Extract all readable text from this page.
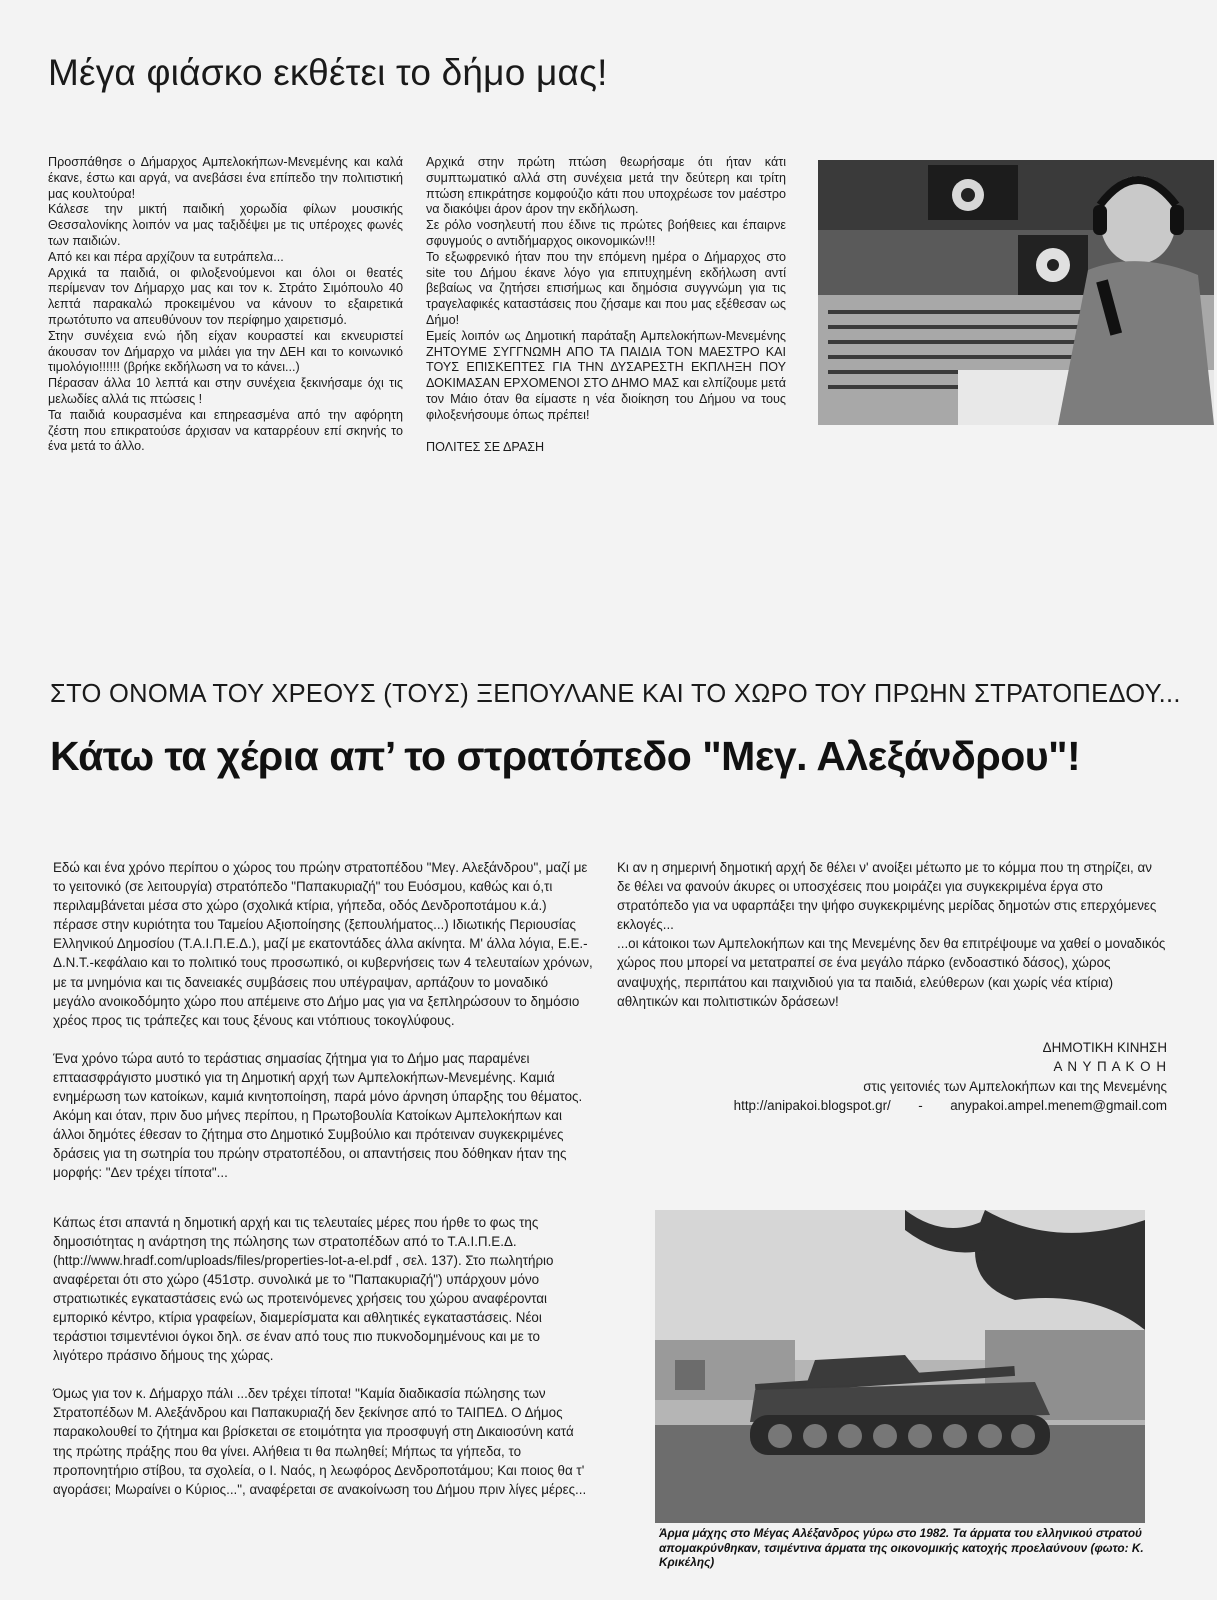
Μέγα φιάσκο εκθέτει το δήμο μας!

Προσπάθησε ο Δήμαρχος Αμπελοκήπων-Μενεμένης και καλά έκανε, έστω και αργά, να ανεβάσει ένα επίπεδο την πολιτιστική μας κουλτούρα!

Κάλεσε την μικτή παιδική χορωδία φίλων μουσικής Θεσσαλονίκης λοιπόν να μας ταξιδέψει με τις υπέροχες φωνές των παιδιών.

Από κει και πέρα αρχίζουν τα ευτράπελα...

Αρχικά τα παιδιά, οι φιλοξενούμενοι και όλοι οι θεατές περίμεναν τον Δήμαρχο μας και τον κ. Στράτο Σιμόπουλο 40 λεπτά παρακαλώ προκειμένου να κάνουν το εξαιρετικά πρωτότυπο να απευθύνουν τον περίφημο χαιρετισμό.

Στην συνέχεια ενώ ήδη είχαν κουραστεί και εκνευριστεί άκουσαν τον Δήμαρχο να μιλάει για την ΔΕΗ και το κοινωνικό τιμολόγιο!!!!!! (βρήκε εκδήλωση να το κάνει...)

Πέρασαν άλλα 10 λεπτά και στην συνέχεια ξεκινήσαμε όχι τις μελωδίες αλλά τις πτώσεις !

Τα παιδιά κουρασμένα και επηρεασμένα από την αφόρητη ζέστη που επικρατούσε άρχισαν να καταρρέουν επί σκηνής το ένα μετά το άλλο.

Αρχικά στην πρώτη πτώση θεωρήσαμε ότι ήταν κάτι συμπτωματικό αλλά στη συνέχεια μετά την δεύτερη και τρίτη πτώση επικράτησε κομφούζιο κάτι που υποχρέωσε τον μαέστρο να διακόψει άρον άρον την εκδήλωση.

Σε ρόλο νοσηλευτή που έδινε τις πρώτες βοήθειες και έπαιρνε σφυγμούς ο αντιδήμαρχος οικονομικών!!!

Το εξωφρενικό ήταν που την επόμενη ημέρα ο Δήμαρχος στο site του Δήμου έκανε λόγο για επιτυχημένη εκδήλωση αντί βεβαίως να ζητήσει επισήμως και δημόσια συγγνώμη για τις τραγελαφικές καταστάσεις που ζήσαμε και που μας εξέθεσαν ως Δήμο!

Εμείς λοιπόν ως Δημοτική παράταξη Αμπελοκήπων-Μενεμένης ΖΗΤΟΥΜΕ ΣΥΓΓΝΩΜΗ ΑΠΟ ΤΑ ΠΑΙΔΙΑ ΤΟΝ ΜΑΕΣΤΡΟ ΚΑΙ ΤΟΥΣ ΕΠΙΣΚΕΠΤΕΣ ΓΙΑ ΤΗΝ ΔΥΣΑΡΕΣΤΗ ΕΚΠΛΗΞΗ ΠΟΥ ΔΟΚΙΜΑΣΑΝ ΕΡΧΟΜΕΝΟΙ ΣΤΟ ΔΗΜΟ ΜΑΣ και ελπίζουμε μετά τον Μάιο όταν θα είμαστε η νέα διοίκηση του Δήμου να τους φιλοξενήσουμε όπως πρέπει!

ΠΟΛΙΤΕΣ ΣΕ ΔΡΑΣΗ

ΣΤΟ ΟΝΟΜΑ ΤΟΥ ΧΡΕΟΥΣ (ΤΟΥΣ) ΞΕΠΟΥΛΑΝΕ ΚΑΙ ΤΟ ΧΩΡΟ ΤΟΥ ΠΡΩΗΝ ΣΤΡΑΤΟΠΕΔΟΥ...
Κάτω τα χέρια απ’ το στρατόπεδο "Μεγ. Αλεξάνδρου"!

Εδώ και ένα χρόνο περίπου ο χώρος του πρώην στρατοπέδου "Μεγ. Αλεξάνδρου", μαζί με το γειτονικό (σε λειτουργία) στρατόπεδο "Παπακυριαζή" του Ευόσμου, καθώς και ό,τι περιλαμβάνεται μέσα στο χώρο (σχολικά κτίρια, γήπεδα, οδός Δενδροποτάμου κ.ά.) πέρασε στην κυριότητα του Ταμείου Αξιοποίησης (ξεπουλήματος...) Ιδιωτικής Περιουσίας Ελληνικού Δημοσίου (Τ.Α.Ι.Π.Ε.Δ.), μαζί με εκατοντάδες άλλα ακίνητα. Μ' άλλα λόγια, Ε.Ε.-Δ.Ν.Τ.-κεφάλαιο και το πολιτικό τους προσωπικό, οι κυβερνήσεις των 4 τελευταίων χρόνων, με τα μνημόνια και τις δανειακές συμβάσεις που υπέγραψαν, αρπάζουν το μοναδικό μεγάλο ανοικοδόμητο χώρο που απέμεινε στο Δήμο μας για να ξεπληρώσουν το δημόσιο χρέος προς τις τράπεζες και τους ξένους και ντόπιους τοκογλύφους.

Ένα χρόνο τώρα αυτό το τεράστιας σημασίας ζήτημα για το Δήμο μας παραμένει επταασφράγιστο μυστικό για τη Δημοτική αρχή των Αμπελοκήπων-Μενεμένης. Καμιά ενημέρωση των κατοίκων, καμιά κινητοποίηση, παρά μόνο άρνηση ύπαρξης του θέματος. Ακόμη και όταν, πριν δυο μήνες περίπου, η Πρωτοβουλία Κατοίκων Αμπελοκήπων και άλλοι δημότες έθεσαν το ζήτημα στο Δημοτικό Συμβούλιο και πρότειναν συγκεκριμένες δράσεις για τη σωτηρία του πρώην στρατοπέδου, οι απαντήσεις που δόθηκαν ήταν της μορφής: "Δεν τρέχει τίποτα"...

Κάπως έτσι απαντά η δημοτική αρχή και τις τελευταίες μέρες που ήρθε το φως της δημοσιότητας η ανάρτηση της πώλησης των στρατοπέδων από το Τ.Α.Ι.Π.Ε.Δ. (http://www.hradf.com/uploads/files/properties-lot-a-el.pdf , σελ. 137). Στο πωλητήριο αναφέρεται ότι στο χώρο (451στρ. συνολικά με το "Παπακυριαζή") υπάρχουν μόνο στρατιωτικές εγκαταστάσεις ενώ ως προτεινόμενες χρήσεις του χώρου αναφέρονται εμπορικό κέντρο, κτίρια γραφείων, διαμερίσματα και αθλητικές εγκαταστάσεις. Νέοι τεράστιοι τσιμεντένιοι όγκοι δηλ. σε έναν από τους πιο πυκνοδομημένους και με το λιγότερο πράσινο δήμους της χώρας.

Όμως για τον κ. Δήμαρχο πάλι ...δεν τρέχει τίποτα! "Καμία διαδικασία πώλησης των Στρατοπέδων Μ. Αλεξάνδρου και Παπακυριαζή δεν ξεκίνησε από το ΤΑΙΠΕΔ. Ο Δήμος παρακολουθεί το ζήτημα και βρίσκεται σε ετοιμότητα για προσφυγή στη Δικαιοσύνη κατά της πρώτης πράξης που θα γίνει. Αλήθεια τι θα πωληθεί; Μήπως τα γήπεδα, το προπονητήριο στίβου, τα σχολεία, ο Ι. Ναός, η λεωφόρος Δενδροποτάμου; Και ποιος θα τ' αγοράσει; Μωραίνει ο Κύριος...", αναφέρεται σε ανακοίνωση του Δήμου πριν λίγες μέρες...

Κι αν η σημερινή δημοτική αρχή δε θέλει ν' ανοίξει μέτωπο με το κόμμα που τη στηρίζει, αν δε θέλει να φανούν άκυρες οι υποσχέσεις που μοιράζει για συγκεκριμένα έργα στο στρατόπεδο για να υφαρπάξει την ψήφο συγκεκριμένης μερίδας δημοτών στις επερχόμενες εκλογές...

...οι κάτοικοι των Αμπελοκήπων και της Μενεμένης δεν θα επιτρέψουμε να χαθεί ο μοναδικός χώρος που μπορεί να μετατραπεί σε ένα μεγάλο πάρκο (ενδοαστικό δάσος), χώρος αναψυχής, περιπάτου και παιχνιδιού για τα παιδιά, ελεύθερων (και χωρίς νέα κτίρια) αθλητικών και πολιτιστικών δράσεων!

ΔΗΜΟΤΙΚΗ ΚΙΝΗΣΗ
Α Ν Υ Π Α Κ Ο Η
στις γειτονιές των Αμπελοκήπων και της Μενεμένης
http://anipakoi.blogspot.gr/ - anypakoi.ampel.menem@gmail.com
Άρμα μάχης στο Μέγας Αλέξανδρος γύρω στο 1982. Τα άρματα του ελληνικού στρατού απομακρύνθηκαν, τσιμέντινα άρματα της οικονομικής κατοχής προελαύνουν (φωτο: Κ. Κρικέλης)
